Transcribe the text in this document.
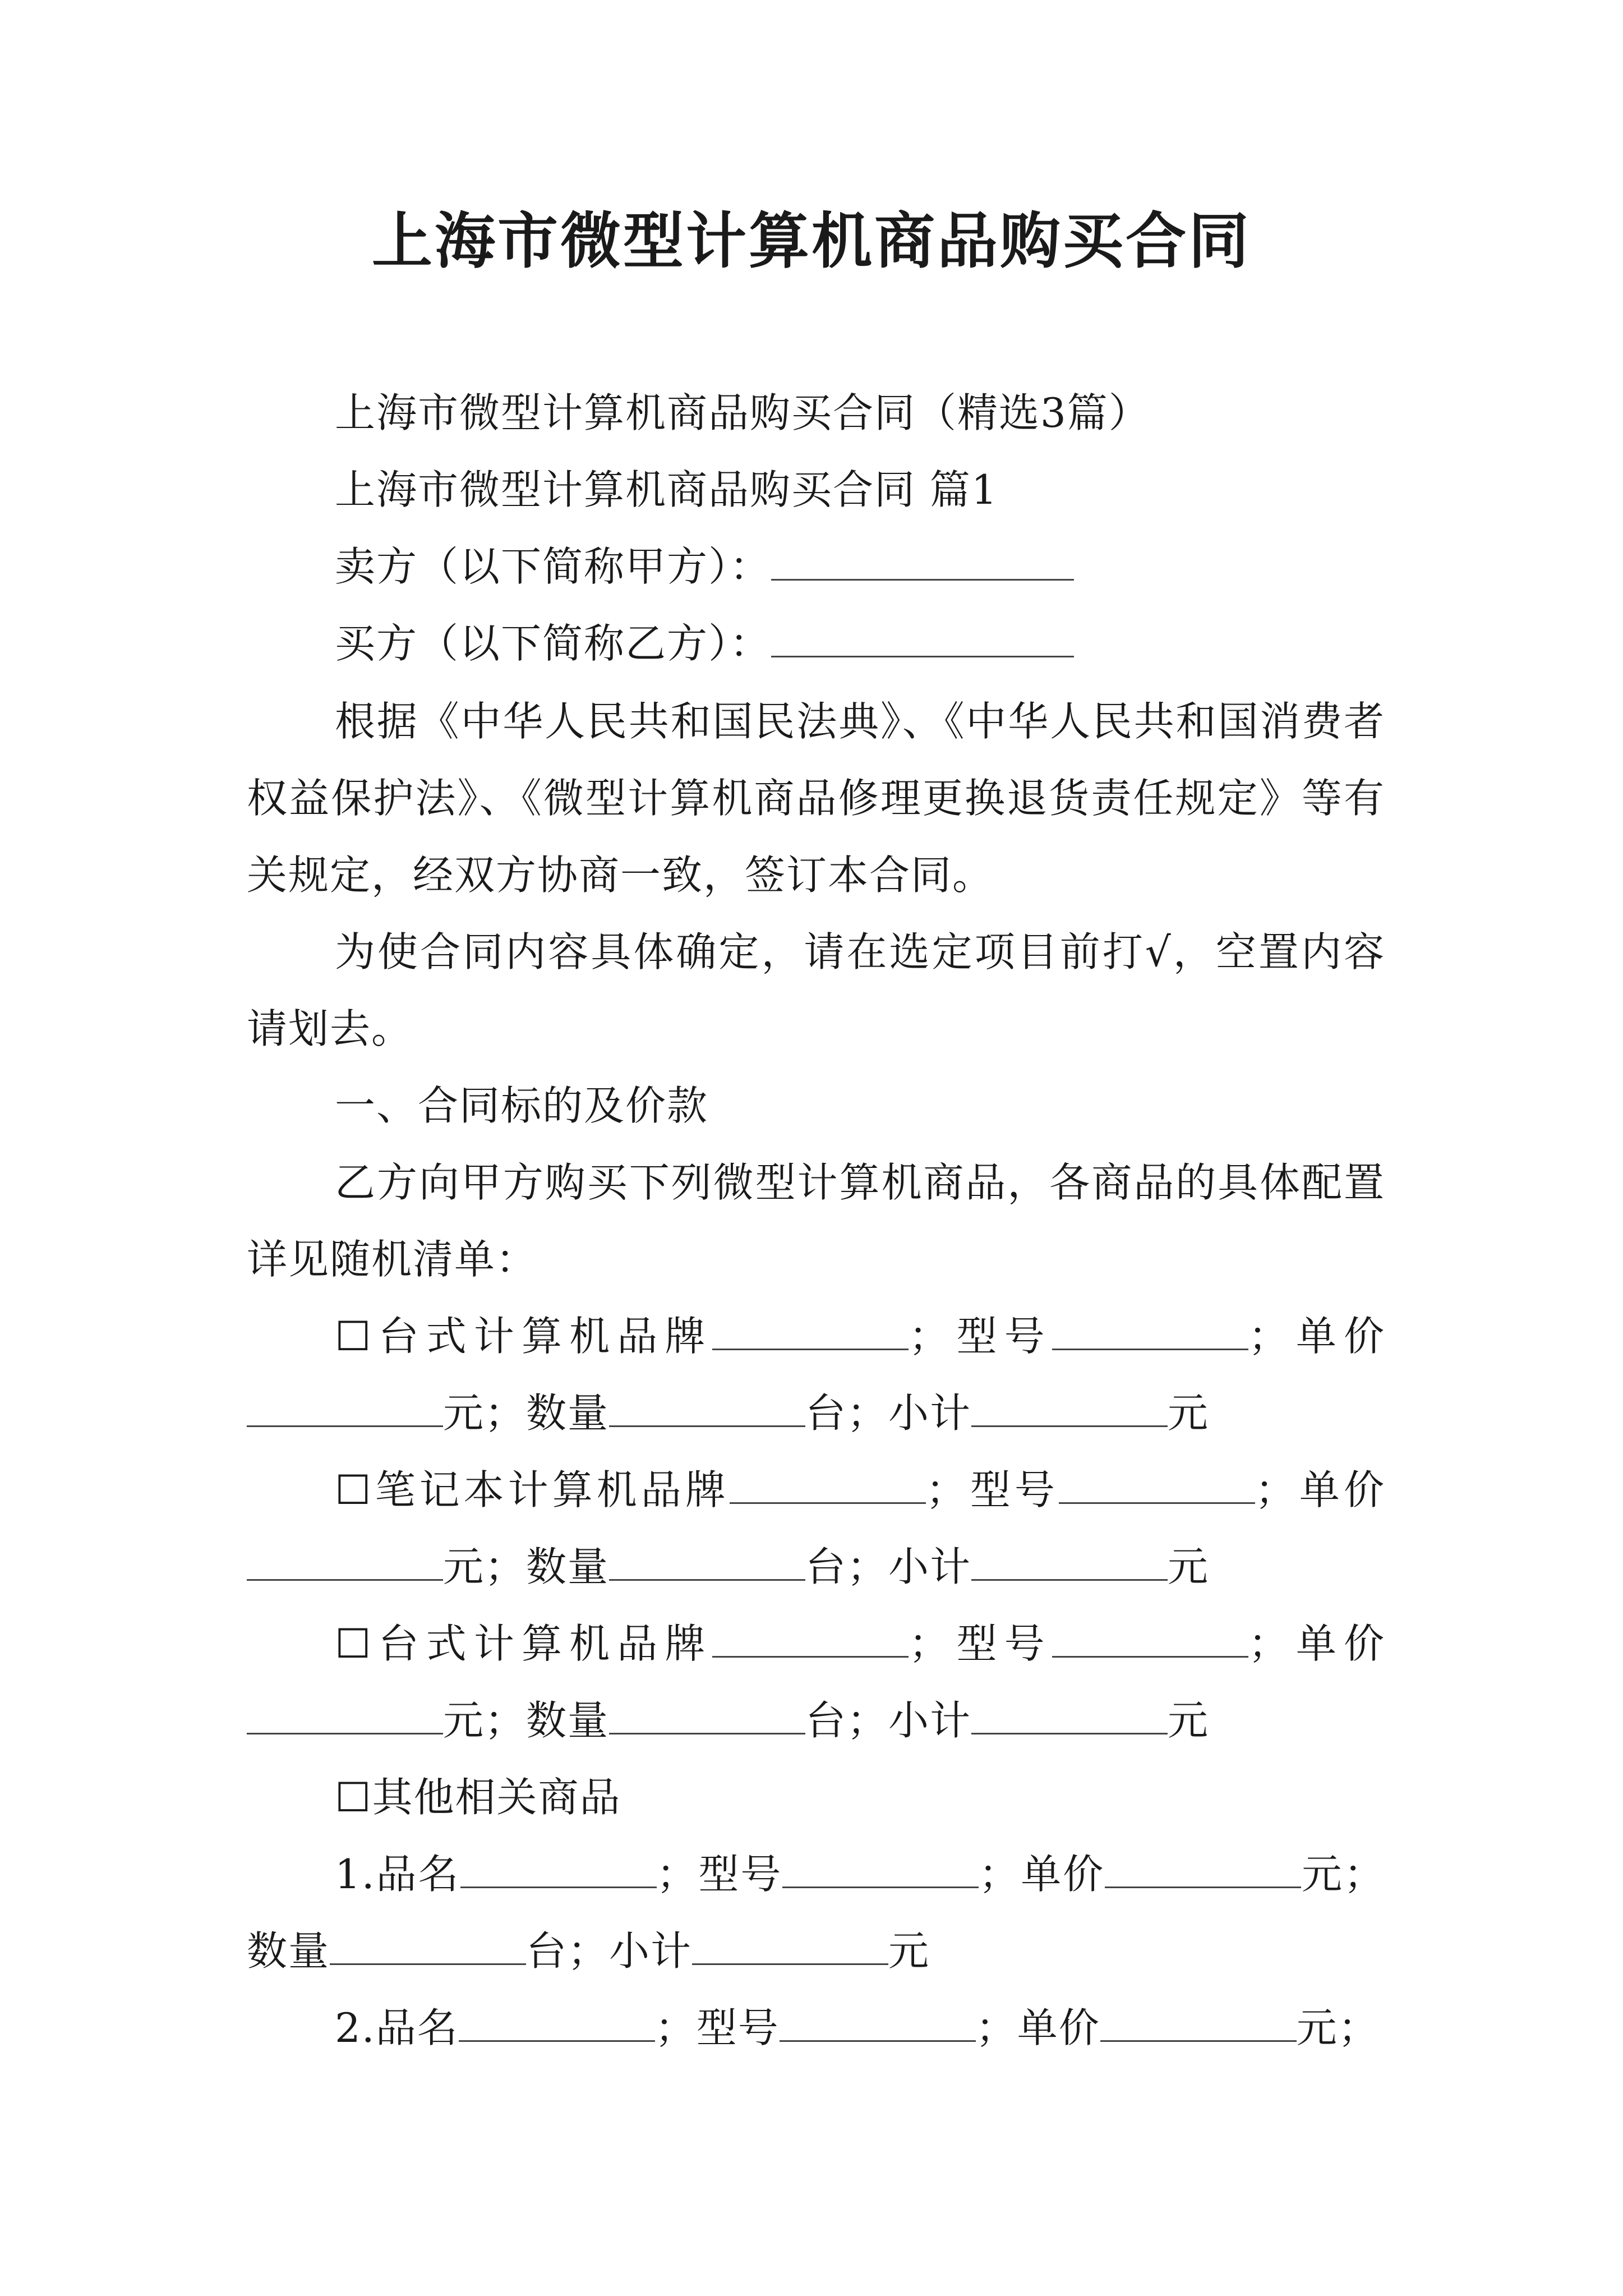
上海市微型计算机商品购买合同
上海市微型计算机商品购买合同（精选3篇）
上海市微型计算机商品购买合同 篇1
卖方（以下简称甲方）：
买方（以下简称乙方）：

根据《中华人民共和国民法典》、《中华人民共和国消费者权益保护法》、《微型计算机商品修理更换退货责任规定》等有关规定，经双方协商一致，签订本合同。

为使合同内容具体确定，请在选定项目前打√，空置内容请划去。

一、合同标的及价款

乙方向甲方购买下列微型计算机商品，各商品的具体配置详见随机清单：

☐台式计算机品牌	；型号	；单价元；数量	台；小计	元

☐笔记本计算机品牌	；型号	；单价元；数量	台；小计	元

☐台式计算机品牌	；型号	；单价元；数量	台；小计	元

☐其他相关商品

1.品名	；型号	；单价	元；数量	台；小计	元

2.品名	；型号	；单价	元；
